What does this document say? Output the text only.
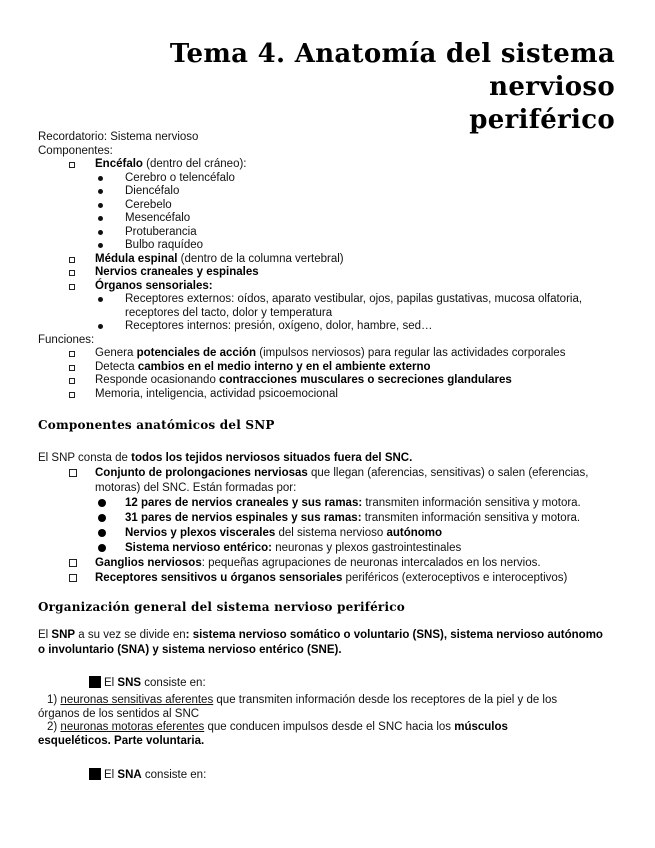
Tema 4. Anatomía del sistema nervioso
periférico
Recordatorio: Sistema nervioso
Componentes:
Encéfalo (dentro del cráneo):
Cerebro o telencéfalo
Diencéfalo
Cerebelo
Mesencéfalo
Protuberancia
Bulbo raquídeo
Médula espinal (dentro de la columna vertebral)
Nervios craneales y espinales
Órganos sensoriales:
Receptores externos: oídos, aparato vestibular, ojos, papilas gustativas, mucosa olfatoria,
receptores del tacto, dolor y temperatura
Receptores internos: presión, oxígeno, dolor, hambre, sed…
Funciones:
Genera potenciales de acción (impulsos nerviosos) para regular las actividades corporales
Detecta cambios en el medio interno y en el ambiente externo
Responde ocasionando contracciones musculares o secreciones glandulares
Memoria, inteligencia, actividad psicoemocional
Componentes anatómicos del SNP
El SNP consta de todos los tejidos nerviosos situados fuera del SNC.
Conjunto de prolongaciones nerviosas que llegan (aferencias, sensitivas) o salen (eferencias,
motoras) del SNC. Están formadas por:
12 pares de nervios craneales y sus ramas: transmiten información sensitiva y motora.
31 pares de nervios espinales y sus ramas: transmiten información sensitiva y motora.
Nervios y plexos viscerales del sistema nervioso autónomo
Sistema nervioso entérico: neuronas y plexos gastrointestinales
Ganglios nerviosos: pequeñas agrupaciones de neuronas intercalados en los nervios.
Receptores sensitivos u órganos sensoriales periféricos (exteroceptivos e interoceptivos)
Organización general del sistema nervioso periférico
El SNP a su vez se divide en: sistema nervioso somático o voluntario (SNS), sistema nervioso autónomo
o involuntario (SNA) y sistema nervioso entérico (SNE).
El SNS consiste en:
1) neuronas sensitivas aferentes que transmiten información desde los receptores de la piel y de los
órganos de los sentidos al SNC
2) neuronas motoras eferentes que conducen impulsos desde el SNC hacia los músculos
esqueléticos. Parte voluntaria.
El SNA consiste en:
